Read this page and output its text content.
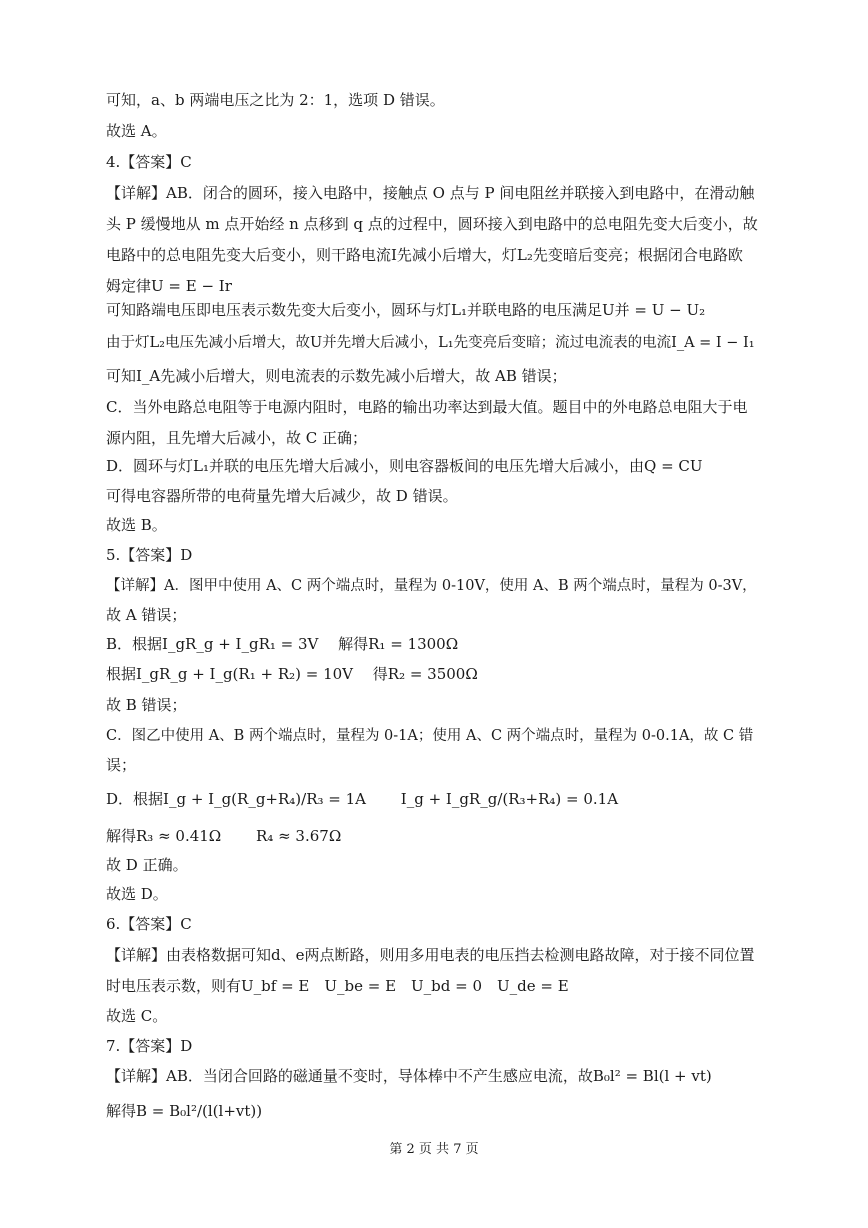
可知，a、b 两端电压之比为 2：1，选项 D 错误。
故选 A。
4.【答案】C
【详解】AB．闭合的圆环，接入电路中，接触点 O 点与 P 间电阻丝并联接入到电路中，在滑动触
头 P 缓慢地从 m 点开始经 n 点移到 q 点的过程中，圆环接入到电路中的总电阻先变大后变小，故
电路中的总电阻先变大后变小，则干路电流I先减小后增大，灯L₂先变暗后变亮；根据闭合电路欧
姆定律U = E − Ir
可知路端电压即电压表示数先变大后变小，圆环与灯L₁并联电路的电压满足U并 = U − U₂
由于灯L₂电压先减小后增大，故U并先增大后减小，L₁先变亮后变暗；流过电流表的电流I_A = I − I₁
可知I_A先减小后增大，则电流表的示数先减小后增大，故 AB 错误；
C．当外电路总电阻等于电源内阻时，电路的输出功率达到最大值。题目中的外电路总电阻大于电
源内阻，且先增大后减小，故 C 正确；
D．圆环与灯L₁并联的电压先增大后减小，则电容器板间的电压先增大后减小，由Q = CU
可得电容器所带的电荷量先增大后减少，故 D 错误。
故选 B。
5.【答案】D
【详解】A．图甲中使用 A、C 两个端点时，量程为 0-10V，使用 A、B 两个端点时，量程为 0-3V，
故 A 错误；
B．根据I_gR_g + I_gR₁ = 3V　 解得R₁ = 1300Ω
根据I_gR_g + I_g(R₁ + R₂) = 10V　 得R₂ = 3500Ω
故 B 错误；
C．图乙中使用 A、B 两个端点时，量程为 0-1A；使用 A、C 两个端点时，量程为 0-0.1A，故 C 错
误；
D．根据I_g + I_g(R_g+R₄)/R₃ = 1A　　 I_g + I_gR_g/(R₃+R₄) = 0.1A
解得R₃ ≈ 0.41Ω　　 R₄ ≈ 3.67Ω
故 D 正确。
故选 D。
6.【答案】C
【详解】由表格数据可知d、e两点断路，则用多用电表的电压挡去检测电路故障，对于接不同位置
时电压表示数，则有U_bf = E　U_be = E　U_bd = 0　U_de = E
故选 C。
7.【答案】D
【详解】AB．当闭合回路的磁通量不变时，导体棒中不产生感应电流，故B₀l² = Bl(l + vt)
解得B = B₀l²/(l(l+vt))
第 2 页 共 7 页
